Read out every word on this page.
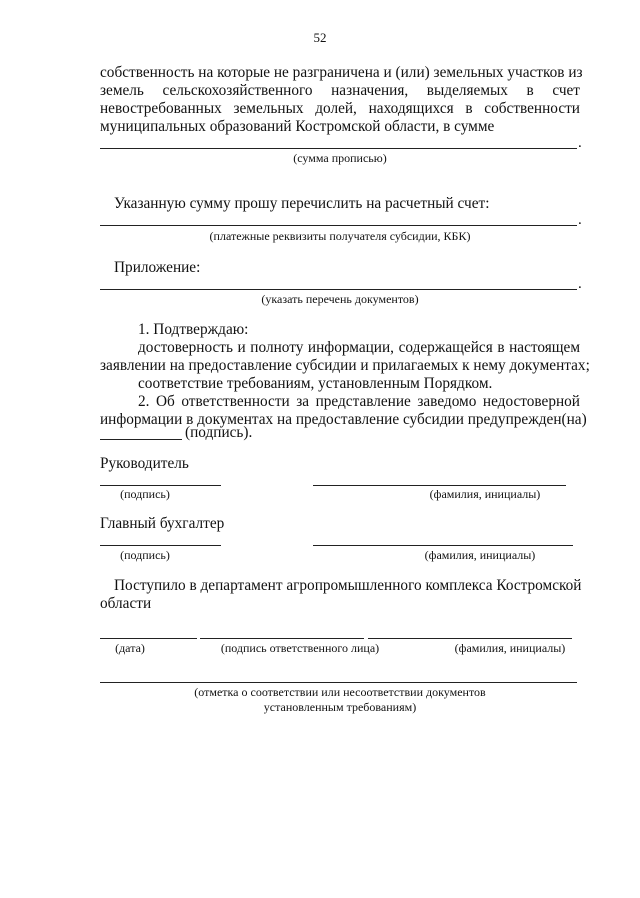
52
собственность на которые не разграничена и (или) земельных участков из
земель сельскохозяйственного назначения, выделяемых в счет
невостребованных земельных долей, находящихся в собственности
муниципальных образований Костромской области, в сумме
.
(сумма прописью)
Указанную сумму прошу перечислить на расчетный счет:
.
(платежные реквизиты получателя субсидии, КБК)
Приложение:
.
(указать перечень документов)
1. Подтверждаю:
достоверность и полноту информации, содержащейся в настоящем
заявлении на предоставление субсидии и прилагаемых к нему документах;
соответствие требованиям, установленным Порядком.
2. Об ответственности за представление заведомо недостоверной
информации в документах на предоставление субсидии предупрежден(на)
(подпись).
Руководитель
(подпись)	(фамилия, инициалы)
Главный бухгалтер
(подпись)	(фамилия, инициалы)
Поступило в департамент агропромышленного комплекса Костромской
области
(дата)	(подпись ответственного лица)	(фамилия, инициалы)
(отметка о соответствии или несоответствии документов
установленным требованиям)
